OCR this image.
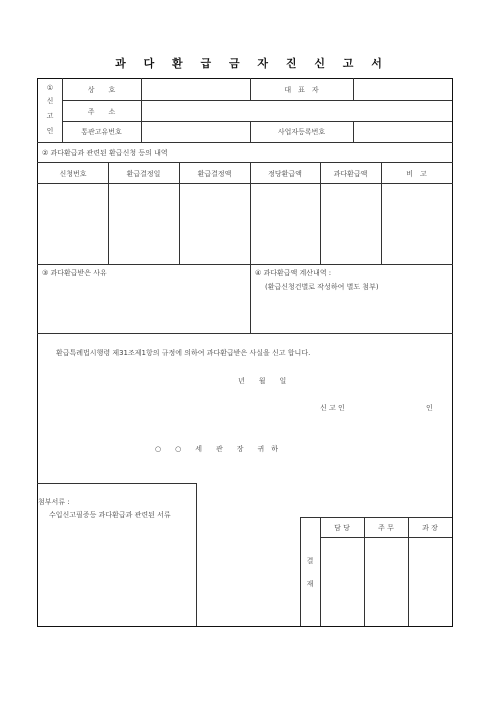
과 다 환 급 금 자 진 신 고 서
①
신
고
인
상　　호	대　표　자
주　　소
통관고유번호	사업자등록번호
② 과다환급과 관련된 환급신청 등의 내역
신청번호	환급결정일	환급결정액	정당환급액	과다환급액	비　고
③ 과다환급받은 사유	④ 과다환급액 계산내역 :
(환급신청건별로 작성하여 별도 첨부)
환급특례법시행령 제31조제1항의 규정에 의하여 과다환급받은 사실을 신고 합니다.
년　　월　　일
신 고 인	인
○　　○　　세　　관　　장　　귀　하
첨부서류 :
수입신고필증등 과다환급과 관련된 서류
결
재
담 당	주 무	과 장
